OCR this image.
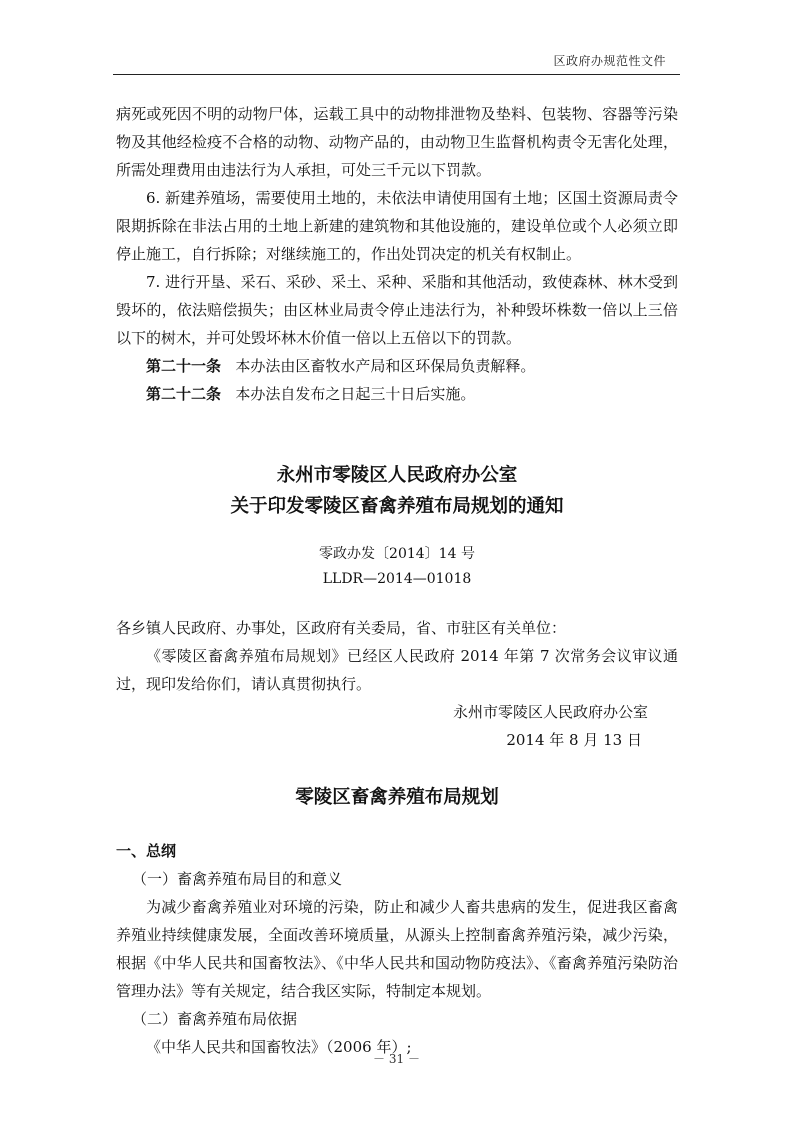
区政府办规范性文件

病死或死因不明的动物尸体，运载工具中的动物排泄物及垫料、包装物、容器等污染物及其他经检疫不合格的动物、动物产品的，由动物卫生监督机构责令无害化处理，所需处理费用由违法行为人承担，可处三千元以下罚款。

6. 新建养殖场，需要使用土地的，未依法申请使用国有土地；区国土资源局责令限期拆除在非法占用的土地上新建的建筑物和其他设施的，建设单位或个人必须立即停止施工，自行拆除；对继续施工的，作出处罚决定的机关有权制止。

7. 进行开垦、采石、采砂、采土、采种、采脂和其他活动，致使森林、林木受到毁坏的，依法赔偿损失；由区林业局责令停止违法行为，补种毁坏株数一倍以上三倍以下的树木，并可处毁坏林木价值一倍以上五倍以下的罚款。

第二十一条 本办法由区畜牧水产局和区环保局负责解释。

第二十二条 本办法自发布之日起三十日后实施。

永州市零陵区人民政府办公室

关于印发零陵区畜禽养殖布局规划的通知

零政办发〔2014〕14 号

LLDR—2014—01018

各乡镇人民政府、办事处，区政府有关委局，省、市驻区有关单位：

《零陵区畜禽养殖布局规划》已经区人民政府 2014 年第 7 次常务会议审议通过，现印发给你们，请认真贯彻执行。

永州市零陵区人民政府办公室

2014 年 8 月 13 日

零陵区畜禽养殖布局规划

一、总纲

（一）畜禽养殖布局目的和意义

为减少畜禽养殖业对环境的污染，防止和减少人畜共患病的发生，促进我区畜禽养殖业持续健康发展，全面改善环境质量，从源头上控制畜禽养殖污染，减少污染，根据《中华人民共和国畜牧法》、《中华人民共和国动物防疫法》、《畜禽养殖污染防治管理办法》等有关规定，结合我区实际，特制定本规划。

（二）畜禽养殖布局依据

《中华人民共和国畜牧法》（2006 年）;

－ 31 －
